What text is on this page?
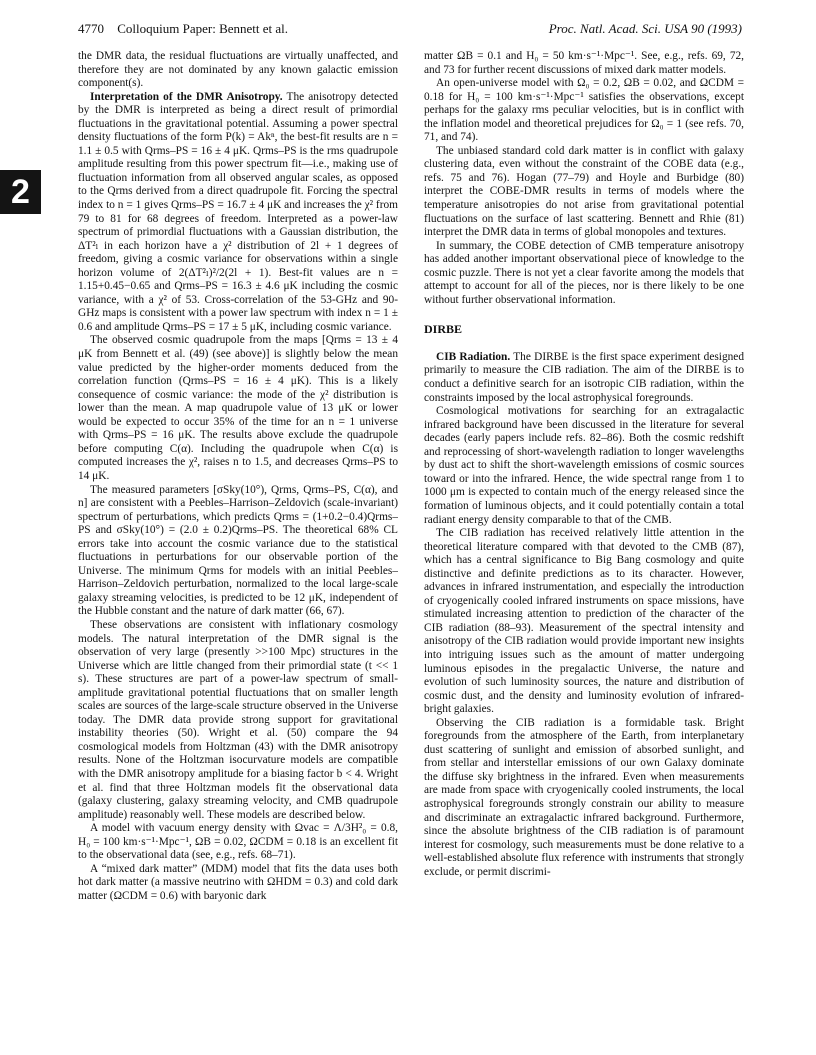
4770 Colloquium Paper: Bennett et al.	Proc. Natl. Acad. Sci. USA 90 (1993)
2

the DMR data, the residual fluctuations are virtually unaffected, and therefore they are not dominated by any known galactic emission component(s).

Interpretation of the DMR Anisotropy. The anisotropy detected by the DMR is interpreted as being a direct result of primordial fluctuations in the gravitational potential. Assuming a power spectral density fluctuations of the form P(k) = Akⁿ, the best-fit results are n = 1.1 ± 0.5 with Qrms–PS = 16 ± 4 μK. Qrms–PS is the rms quadrupole amplitude resulting from this power spectrum fit—i.e., making use of fluctuation information from all observed angular scales, as opposed to the Qrms derived from a direct quadrupole fit. Forcing the spectral index to n = 1 gives Qrms–PS = 16.7 ± 4 μK and increases the χ² from 79 to 81 for 68 degrees of freedom. Interpreted as a power-law spectrum of primordial fluctuations with a Gaussian distribution, the ΔT²ₗ in each horizon have a χ² distribution of 2l + 1 degrees of freedom, giving a cosmic variance for observations within a single horizon volume of 2(ΔT²ₗ)²/2(2l + 1). Best-fit values are n = 1.15+0.45−0.65 and Qrms–PS = 16.3 ± 4.6 μK including the cosmic variance, with a χ² of 53. Cross-correlation of the 53-GHz and 90-GHz maps is consistent with a power law spectrum with index n = 1 ± 0.6 and amplitude Qrms–PS = 17 ± 5 μK, including cosmic variance.

The observed cosmic quadrupole from the maps [Qrms = 13 ± 4 μK from Bennett et al. (49) (see above)] is slightly below the mean value predicted by the higher-order moments deduced from the correlation function (Qrms–PS = 16 ± 4 μK). This is a likely consequence of cosmic variance: the mode of the χ² distribution is lower than the mean. A map quadrupole value of 13 μK or lower would be expected to occur 35% of the time for an n = 1 universe with Qrms–PS = 16 μK. The results above exclude the quadrupole before computing C(α). Including the quadrupole when C(α) is computed increases the χ², raises n to 1.5, and decreases Qrms–PS to 14 μK.

The measured parameters [σSky(10°), Qrms, Qrms–PS, C(α), and n] are consistent with a Peebles–Harrison–Zeldovich (scale-invariant) spectrum of perturbations, which predicts Qrms = (1+0.2−0.4)Qrms–PS and σSky(10°) = (2.0 ± 0.2)Qrms–PS. The theoretical 68% CL errors take into account the cosmic variance due to the statistical fluctuations in perturbations for our observable portion of the Universe. The minimum Qrms for models with an initial Peebles–Harrison–Zeldovich perturbation, normalized to the local large-scale galaxy streaming velocities, is predicted to be 12 μK, independent of the Hubble constant and the nature of dark matter (66, 67).

These observations are consistent with inflationary cosmology models. The natural interpretation of the DMR signal is the observation of very large (presently >>100 Mpc) structures in the Universe which are little changed from their primordial state (t << 1 s). These structures are part of a power-law spectrum of small-amplitude gravitational potential fluctuations that on smaller length scales are sources of the large-scale structure observed in the Universe today. The DMR data provide strong support for gravitational instability theories (50). Wright et al. (50) compare the 94 cosmological models from Holtzman (43) with the DMR anisotropy results. None of the Holtzman isocurvature models are compatible with the DMR anisotropy amplitude for a biasing factor b < 4. Wright et al. find that three Holtzman models fit the observational data (galaxy clustering, galaxy streaming velocity, and CMB quadrupole amplitude) reasonably well. These models are described below.

A model with vacuum energy density with Ωvac = Λ/3H²₀ = 0.8, H₀ = 100 km·s⁻¹·Mpc⁻¹, ΩB = 0.02, ΩCDM = 0.18 is an excellent fit to the observational data (see, e.g., refs. 68–71).

A “mixed dark matter” (MDM) model that fits the data uses both hot dark matter (a massive neutrino with ΩHDM = 0.3) and cold dark matter (ΩCDM = 0.6) with baryonic dark

matter ΩB = 0.1 and H₀ = 50 km·s⁻¹·Mpc⁻¹. See, e.g., refs. 69, 72, and 73 for further recent discussions of mixed dark matter models.

An open-universe model with Ω₀ = 0.2, ΩB = 0.02, and ΩCDM = 0.18 for H₀ = 100 km·s⁻¹·Mpc⁻¹ satisfies the observations, except perhaps for the galaxy rms peculiar velocities, but is in conflict with the inflation model and theoretical prejudices for Ω₀ = 1 (see refs. 70, 71, and 74).

The unbiased standard cold dark matter is in conflict with galaxy clustering data, even without the constraint of the COBE data (e.g., refs. 75 and 76). Hogan (77–79) and Hoyle and Burbidge (80) interpret the COBE-DMR results in terms of models where the temperature anisotropies do not arise from gravitational potential fluctuations on the surface of last scattering. Bennett and Rhie (81) interpret the DMR data in terms of global monopoles and textures.

In summary, the COBE detection of CMB temperature anisotropy has added another important observational piece of knowledge to the cosmic puzzle. There is not yet a clear favorite among the models that attempt to account for all of the pieces, nor is there likely to be one without further observational information.

DIRBE

CIB Radiation. The DIRBE is the first space experiment designed primarily to measure the CIB radiation. The aim of the DIRBE is to conduct a definitive search for an isotropic CIB radiation, within the constraints imposed by the local astrophysical foregrounds.

Cosmological motivations for searching for an extragalactic infrared background have been discussed in the literature for several decades (early papers include refs. 82–86). Both the cosmic redshift and reprocessing of short-wavelength radiation to longer wavelengths by dust act to shift the short-wavelength emissions of cosmic sources toward or into the infrared. Hence, the wide spectral range from 1 to 1000 μm is expected to contain much of the energy released since the formation of luminous objects, and it could potentially contain a total radiant energy density comparable to that of the CMB.

The CIB radiation has received relatively little attention in the theoretical literature compared with that devoted to the CMB (87), which has a central significance to Big Bang cosmology and quite distinctive and definite predictions as to its character. However, advances in infrared instrumentation, and especially the introduction of cryogenically cooled infrared instruments on space missions, have stimulated increasing attention to prediction of the character of the CIB radiation (88–93). Measurement of the spectral intensity and anisotropy of the CIB radiation would provide important new insights into intriguing issues such as the amount of matter undergoing luminous episodes in the pregalactic Universe, the nature and evolution of such luminosity sources, the nature and distribution of cosmic dust, and the density and luminosity evolution of infrared-bright galaxies.

Observing the CIB radiation is a formidable task. Bright foregrounds from the atmosphere of the Earth, from interplanetary dust scattering of sunlight and emission of absorbed sunlight, and from stellar and interstellar emissions of our own Galaxy dominate the diffuse sky brightness in the infrared. Even when measurements are made from space with cryogenically cooled instruments, the local astrophysical foregrounds strongly constrain our ability to measure and discriminate an extragalactic infrared background. Furthermore, since the absolute brightness of the CIB radiation is of paramount interest for cosmology, such measurements must be done relative to a well-established absolute flux reference with instruments that strongly exclude, or permit discrimi-
